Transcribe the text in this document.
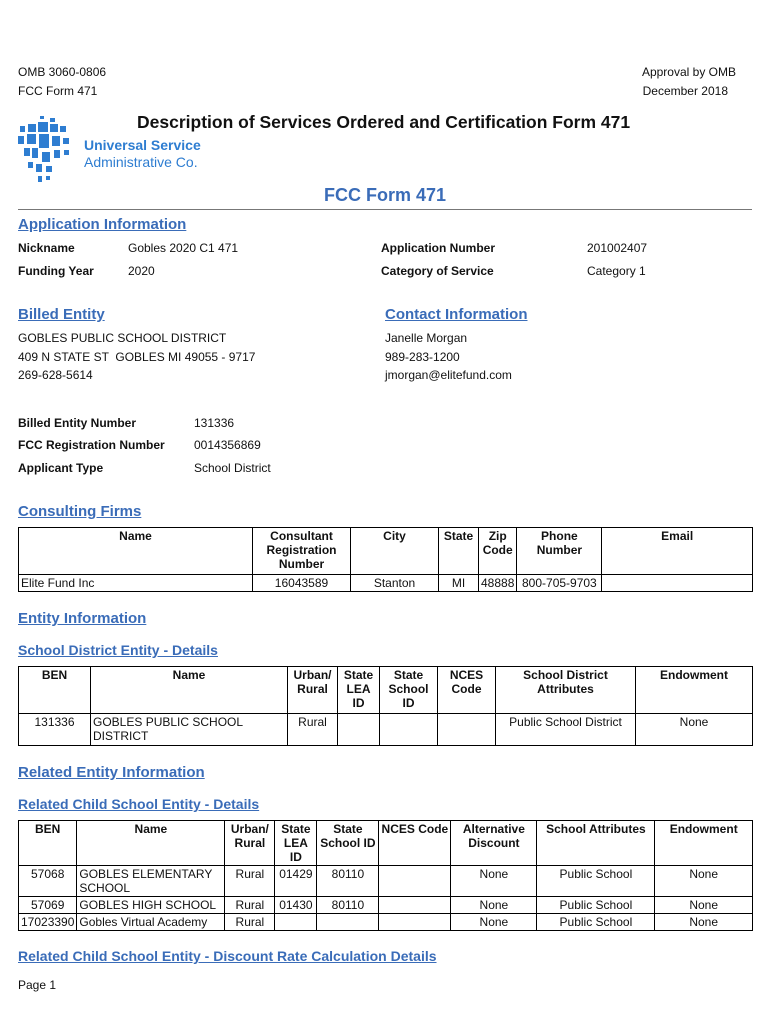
OMB 3060-0806
FCC Form 471
Approval by OMB
December 2018
Universal Service
Administrative Co.
Description of Services Ordered and Certification Form 471
FCC Form 471
Application Information
Nickname	Gobles 2020 C1 471
Funding Year	2020
Application Number	201002407
Category of Service	Category 1
Billed Entity
GOBLES PUBLIC SCHOOL DISTRICT
409 N STATE ST  GOBLES MI 49055 - 9717
269-628-5614
Contact Information
Janelle Morgan
989-283-1200
jmorgan@elitefund.com
Billed Entity Number	131336
FCC Registration Number 0014356869
Applicant Type	School District
Consulting Firms
Name	Consultant Registration Number	City	State	Zip Code	Phone Number	Email
Elite Fund Inc	16043589	Stanton	MI	48888	800-705-9703	
Entity Information
School District Entity - Details
BEN	Name	Urban/ Rural	State LEA ID	State School ID	NCES Code	School District Attributes	Endowment
131336	GOBLES PUBLIC SCHOOL DISTRICT	Rural				Public School District	None
Related Entity Information
Related Child School Entity - Details
BEN	Name	Urban/ Rural	State LEA ID	State School ID	NCES Code	Alternative Discount	School Attributes	Endowment
57068	GOBLES ELEMENTARY SCHOOL	Rural	01429	80110		None	Public School	None
57069	GOBLES HIGH SCHOOL	Rural	01430	80110		None	Public School	None
17023390	Gobles Virtual Academy	Rural				None	Public School	None
Related Child School Entity - Discount Rate Calculation Details
Page 1
